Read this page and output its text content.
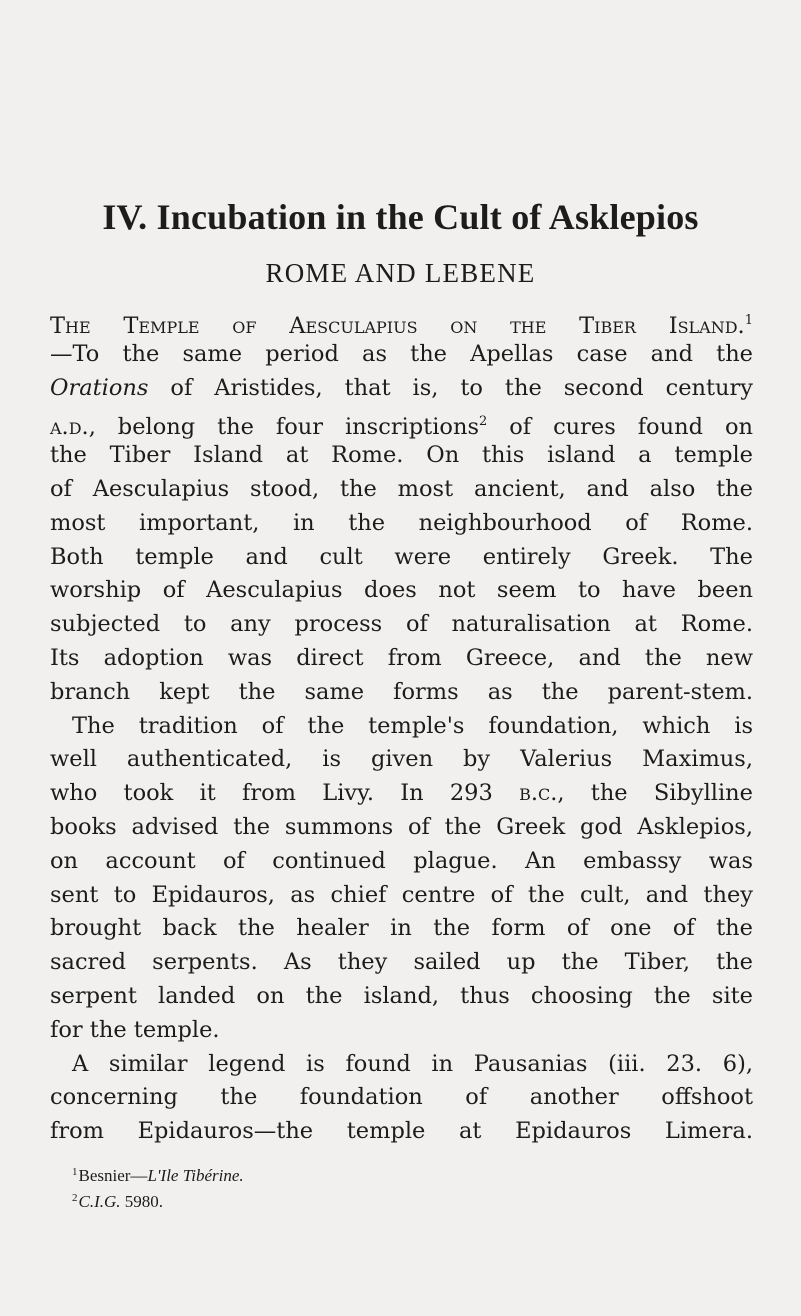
IV. Incubation in the Cult of Asklepios
ROME AND LEBENE
The Temple of Aesculapius on the Tiber Island.$^1$
—To the same period as the Apellas case and the
Orations of Aristides, that is, to the second century
a.d., belong the four inscriptions$^2$ of cures found on
the Tiber Island at Rome. On this island a temple
of Aesculapius stood, the most ancient, and also the
most important, in the neighbourhood of Rome.
Both temple and cult were entirely Greek. The
worship of Aesculapius does not seem to have been
subjected to any process of naturalisation at Rome.
Its adoption was direct from Greece, and the new
branch kept the same forms as the parent-stem.
The tradition of the temple's foundation, which is
well authenticated, is given by Valerius Maximus,
who took it from Livy. In 293 b.c., the Sibylline
books advised the summons of the Greek god Asklepios,
on account of continued plague. An embassy was
sent to Epidauros, as chief centre of the cult, and they
brought back the healer in the form of one of the
sacred serpents. As they sailed up the Tiber, the
serpent landed on the island, thus choosing the site
for the temple.
A similar legend is found in Pausanias (iii. 23. 6),
concerning the foundation of another offshoot
from Epidauros—the temple at Epidauros Limera.
$^1$Besnier—L'Ile Tibérine.
$^2$C.I.G. 5980.
